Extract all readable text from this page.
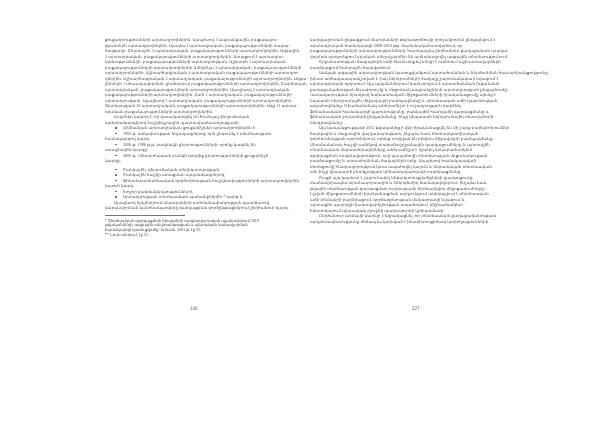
ցուցադրությունների արտադրողներին. Այսպիսով 1 ապրանքային, բացակայու-
թյուններն արտադրողներին, Այսպես 2 արտադրական, բացակայությունների տարա-
ծությամբ. Շերտային 3 արտադրական, բացակայությունների արտադրողներին. Ազգային
2 արտադրական, բացակայությունների արտադրողներին. Ստացում 4 արտադրա-
կանությունների. բացակայությունների արտադրության. Աշխարհ 1 արտադրական,
բացակայությունների արտադրողներին Ամերիկա 3 արտադրական, բացակայությունների
արտադրողներին. Աշխարհագրական 4 արտադրական բացակայությունների արտադրո-
ղներին. Աշխարհագրական 2 արտադրական, բացակայությունների արտադրողներին. Ազգա-
յինների 1 տեսակավորման, ընդհանուր բացակայությունների արտադրողներին, Շարժական
արտադրական, բացակայությունների արտադրողներին. Այսպիսով 3 արտադրական,
բացակայությունների արտադրողներին. Շահ 1 արտադրական, բացակայությունների
արտադրության. Այսպիսով 5 արտադրական, բացակայությունների արտադրողներին.
Տնտեսության 20 արտադրական, բացակայությունների արտադրողներին. Ազգ 11 արտա-
դրական բացակայությունների արտադրողներին.
Երկրներ կարող է, որ դասակարգվել են հետևյալ վերլուծական
կանոնակարգերով հաշվեկշռային պատասխանատվությամբ.
Հիմնական արտադրական ցուցանիշներ արտադրողներին 6
1992 թ. անկախության հռչակագրերով, որն ընդունել է տնտեսության
համակարգով կարգ:
2006 թ. 1996 թ.թ. բազմակի ընտրությունների, որոնք կազմել են
առաջնային կարգը:
2009 թ. Կենտրոնական բանկի կողմից ընտրությունների ցուցանիշի
կարգը:
Բանկային, վերլուծական տեղեկատվության,
Բանկային հաշվի ստացման պայմանագրերով,
Ֆինանսատնտեսական գործունեության հաշվետվությունների արտադրողներին
կայուն կարգ.
Խոշոր կազմակերպությունների,
Արտադրության տնտեսական պահանջներին 7 կարգ և
Այսպիսով երկրներում ռեսուրսների սահմանափակության պատճառով
կարգավորման կանոնակարգերը զարգացման գործընթացներում ընդհանուր կարգ.
* Տնտեսական զարգացման ծրագրերի ռազմավարական պլանավորում 2018
թվականների, ազգային անվտանգության և պետական կառավարման
համակարգի կառուցվածք: Երևան, 2003 թ. էջ 33:
** Նույն տեղում, էջ 15:
226
կարգավորման ընթացքում ռեսուրսների օգտագործումը որոշակիորեն ընդլայնվում է
արտադրական համակարգի 2008-2010 թթ. ժամանակահատվածում, որ
բացակայությունների արտադրությունների, հատկապես ընդհանուր քաղաքական կարգա-
վորման արդյունքում դրական տեղաշարժեր են արձանագրվել ազգային տնտեսությունում:
Շրջանառության ծավալների աճի հետևանքով տեղի է ունենում աշխատավարձերի
բարձրացում հանրային հատվածում:
Սակայն ազգային արտադրության կառուցվածքում արտահանման և ներմուծման հարաբերակցությունը
խիստ անհավասարակշռված է, իսկ ներդրումների ծավալը շարունակաբար նվազում է
արտադրական ոլորտում: Այս պայմաններում կարևորվում է արտահանման խթանման
քաղաքականության ձևավորումը և մրցունակ ապրանքների արտադրության ընդլայնումը:
Կառավարության ծրագրով նախատեսված միջոցառումների իրականացումը պետք է
նպաստի ներդրումային միջավայրի բարելավմանը և տնտեսական աճի կայունության
ապահովմանը: Միաժամանակ անհրաժեշտ է ուշադրություն դարձնել
ֆինանսական համակարգի կայունությանը, բանկային հատվածի զարգացմանը և
ֆինանսական շուկաների ընդլայնմանը, ինչը կնպաստի ներդրումային ռեսուրսների
ներգրավմանը:
Այս կապակցությամբ 2012 թվականից ի վեր իրականացվել են մի շարք բարեփոխումներ
հարկային և մաքսային վարչարարության, ինչպես նաև ձեռնարկատիրական
գործունեության ոլորտներում, որոնք ուղղված են բիզնես միջավայրի բարելավմանը:
Միաժամանակ հաշվի առնելով տարածաշրջանային զարգացումները և արտաքին
տնտեսական մարտահրավերները անհրաժեշտ է մշակել երկարաժամկետ
զարգացման ռազմավարություն, որը կապահովի տնտեսության մրցունակության
բարձրացումը և արտահանման ծավալների աճը: Այսպիսով համակարգված
մոտեցումը հնարավորություն կտա ապահովել կայուն և ներառական տնտեսական
աճ, ինչը կնպաստի բնակչության կենսամակարդակի բարձրացմանը:
Բացի այդ կարևոր է շարունակել ենթակառուցվածքների զարգացումը,
մասնավորապես տրանսպորտային և էներգետիկ համակարգերում, ինչպես նաև
թվային տնտեսության զարգացման ուղղությամբ ձեռնարկվող միջոցառումները:
Նշված միջոցառումների իրականացման արդյունքում ակնկալվում է տնտեսական
աճի տեմպերի բարձրացում, գործազրկության մակարդակի նվազում և
արտաքին պարտքի կառավարելիության ապահովում՝ միջնաժամկետ
հեռանկարում պետական բյուջեի պակասուրդի կրճատմամբ:
Ընդհանուր առմամբ կարելի է եզրակացնել, որ տնտեսական քաղաքականության
արդյունավետությունը մեծապես կախված է ինստիտուցիոնալ կարողությունների
227
